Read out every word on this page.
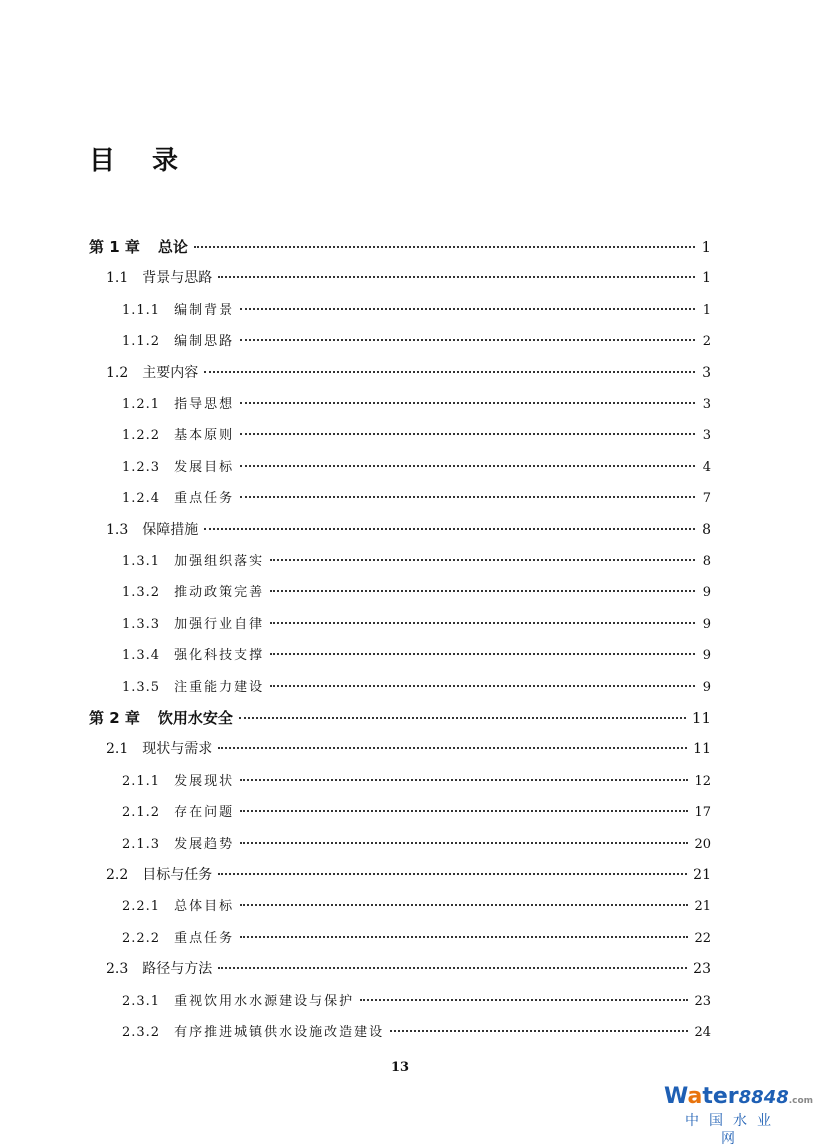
目 录
第 1 章 总论	1
1.1 背景与思路	1
1.1.1 编制背景	1
1.1.2 编制思路	2
1.2 主要内容	3
1.2.1 指导思想	3
1.2.2 基本原则	3
1.2.3 发展目标	4
1.2.4 重点任务	7
1.3 保障措施	8
1.3.1 加强组织落实	8
1.3.2 推动政策完善	9
1.3.3 加强行业自律	9
1.3.4 强化科技支撑	9
1.3.5 注重能力建设	9
第 2 章 饮用水安全	11
2.1 现状与需求	11
2.1.1 发展现状	12
2.1.2 存在问题	17
2.1.3 发展趋势	20
2.2 目标与任务	21
2.2.1 总体目标	21
2.2.2 重点任务	22
2.3 路径与方法	23
2.3.1 重视饮用水水源建设与保护	23
2.3.2 有序推进城镇供水设施改造建设	24
13
Water8848.com
中国水业网
